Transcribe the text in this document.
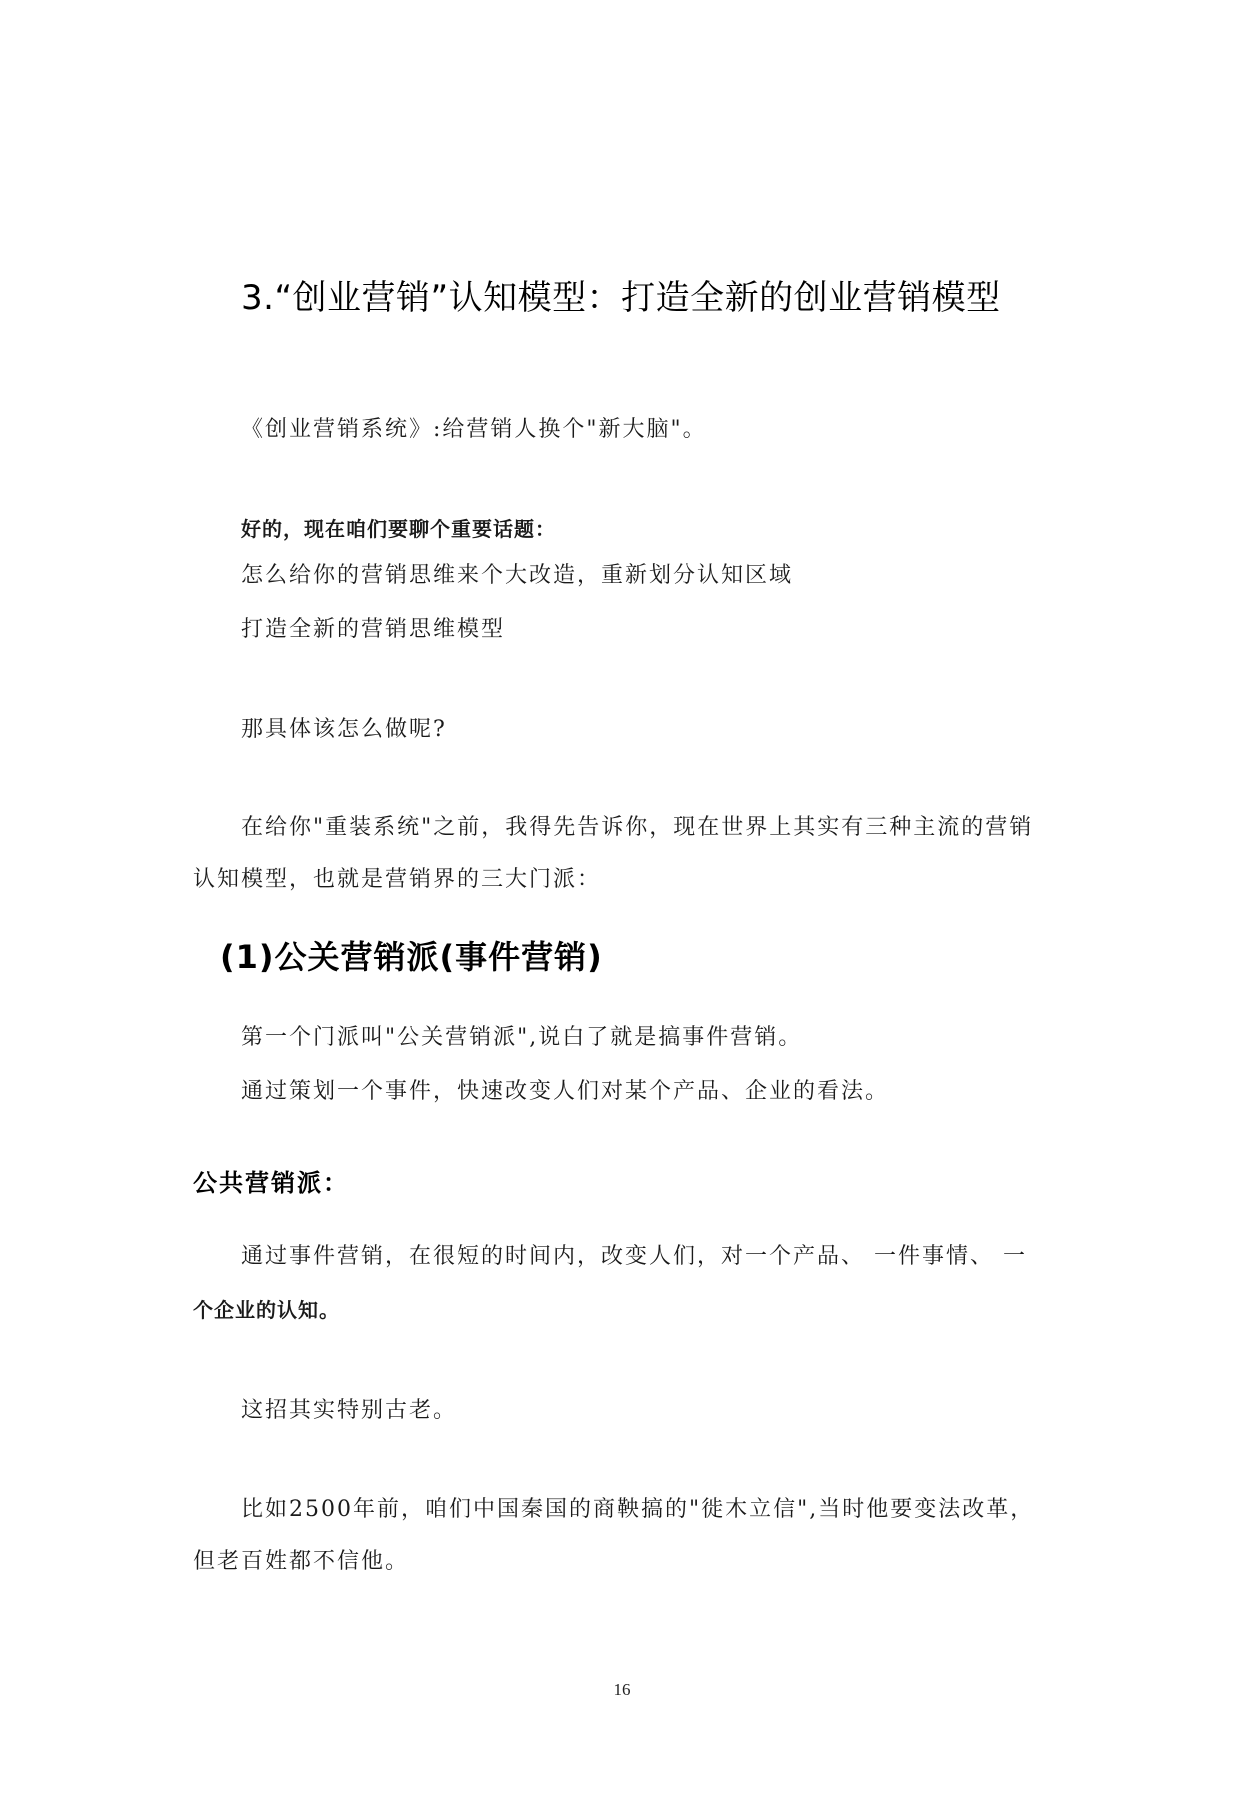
3.“创业营销”认知模型：打造全新的创业营销模型

《创业营销系统》:给营销人换个"新大脑"。

好的，现在咱们要聊个重要话题：

怎么给你的营销思维来个大改造，重新划分认知区域

打造全新的营销思维模型

那具体该怎么做呢?

在给你"重装系统"之前，我得先告诉你，现在世界上其实有三种主流的营销

认知模型，也就是营销界的三大门派：

(1)公关营销派(事件营销)

第一个门派叫"公关营销派",说白了就是搞事件营销。

通过策划一个事件，快速改变人们对某个产品、企业的看法。

公共营销派：

通过事件营销，在很短的时间内，改变人们，对一个产品、 一件事情、 一

个企业的认知。

这招其实特别古老。

比如2500年前，咱们中国秦国的商鞅搞的"徙木立信",当时他要变法改革，

但老百姓都不信他。

16
